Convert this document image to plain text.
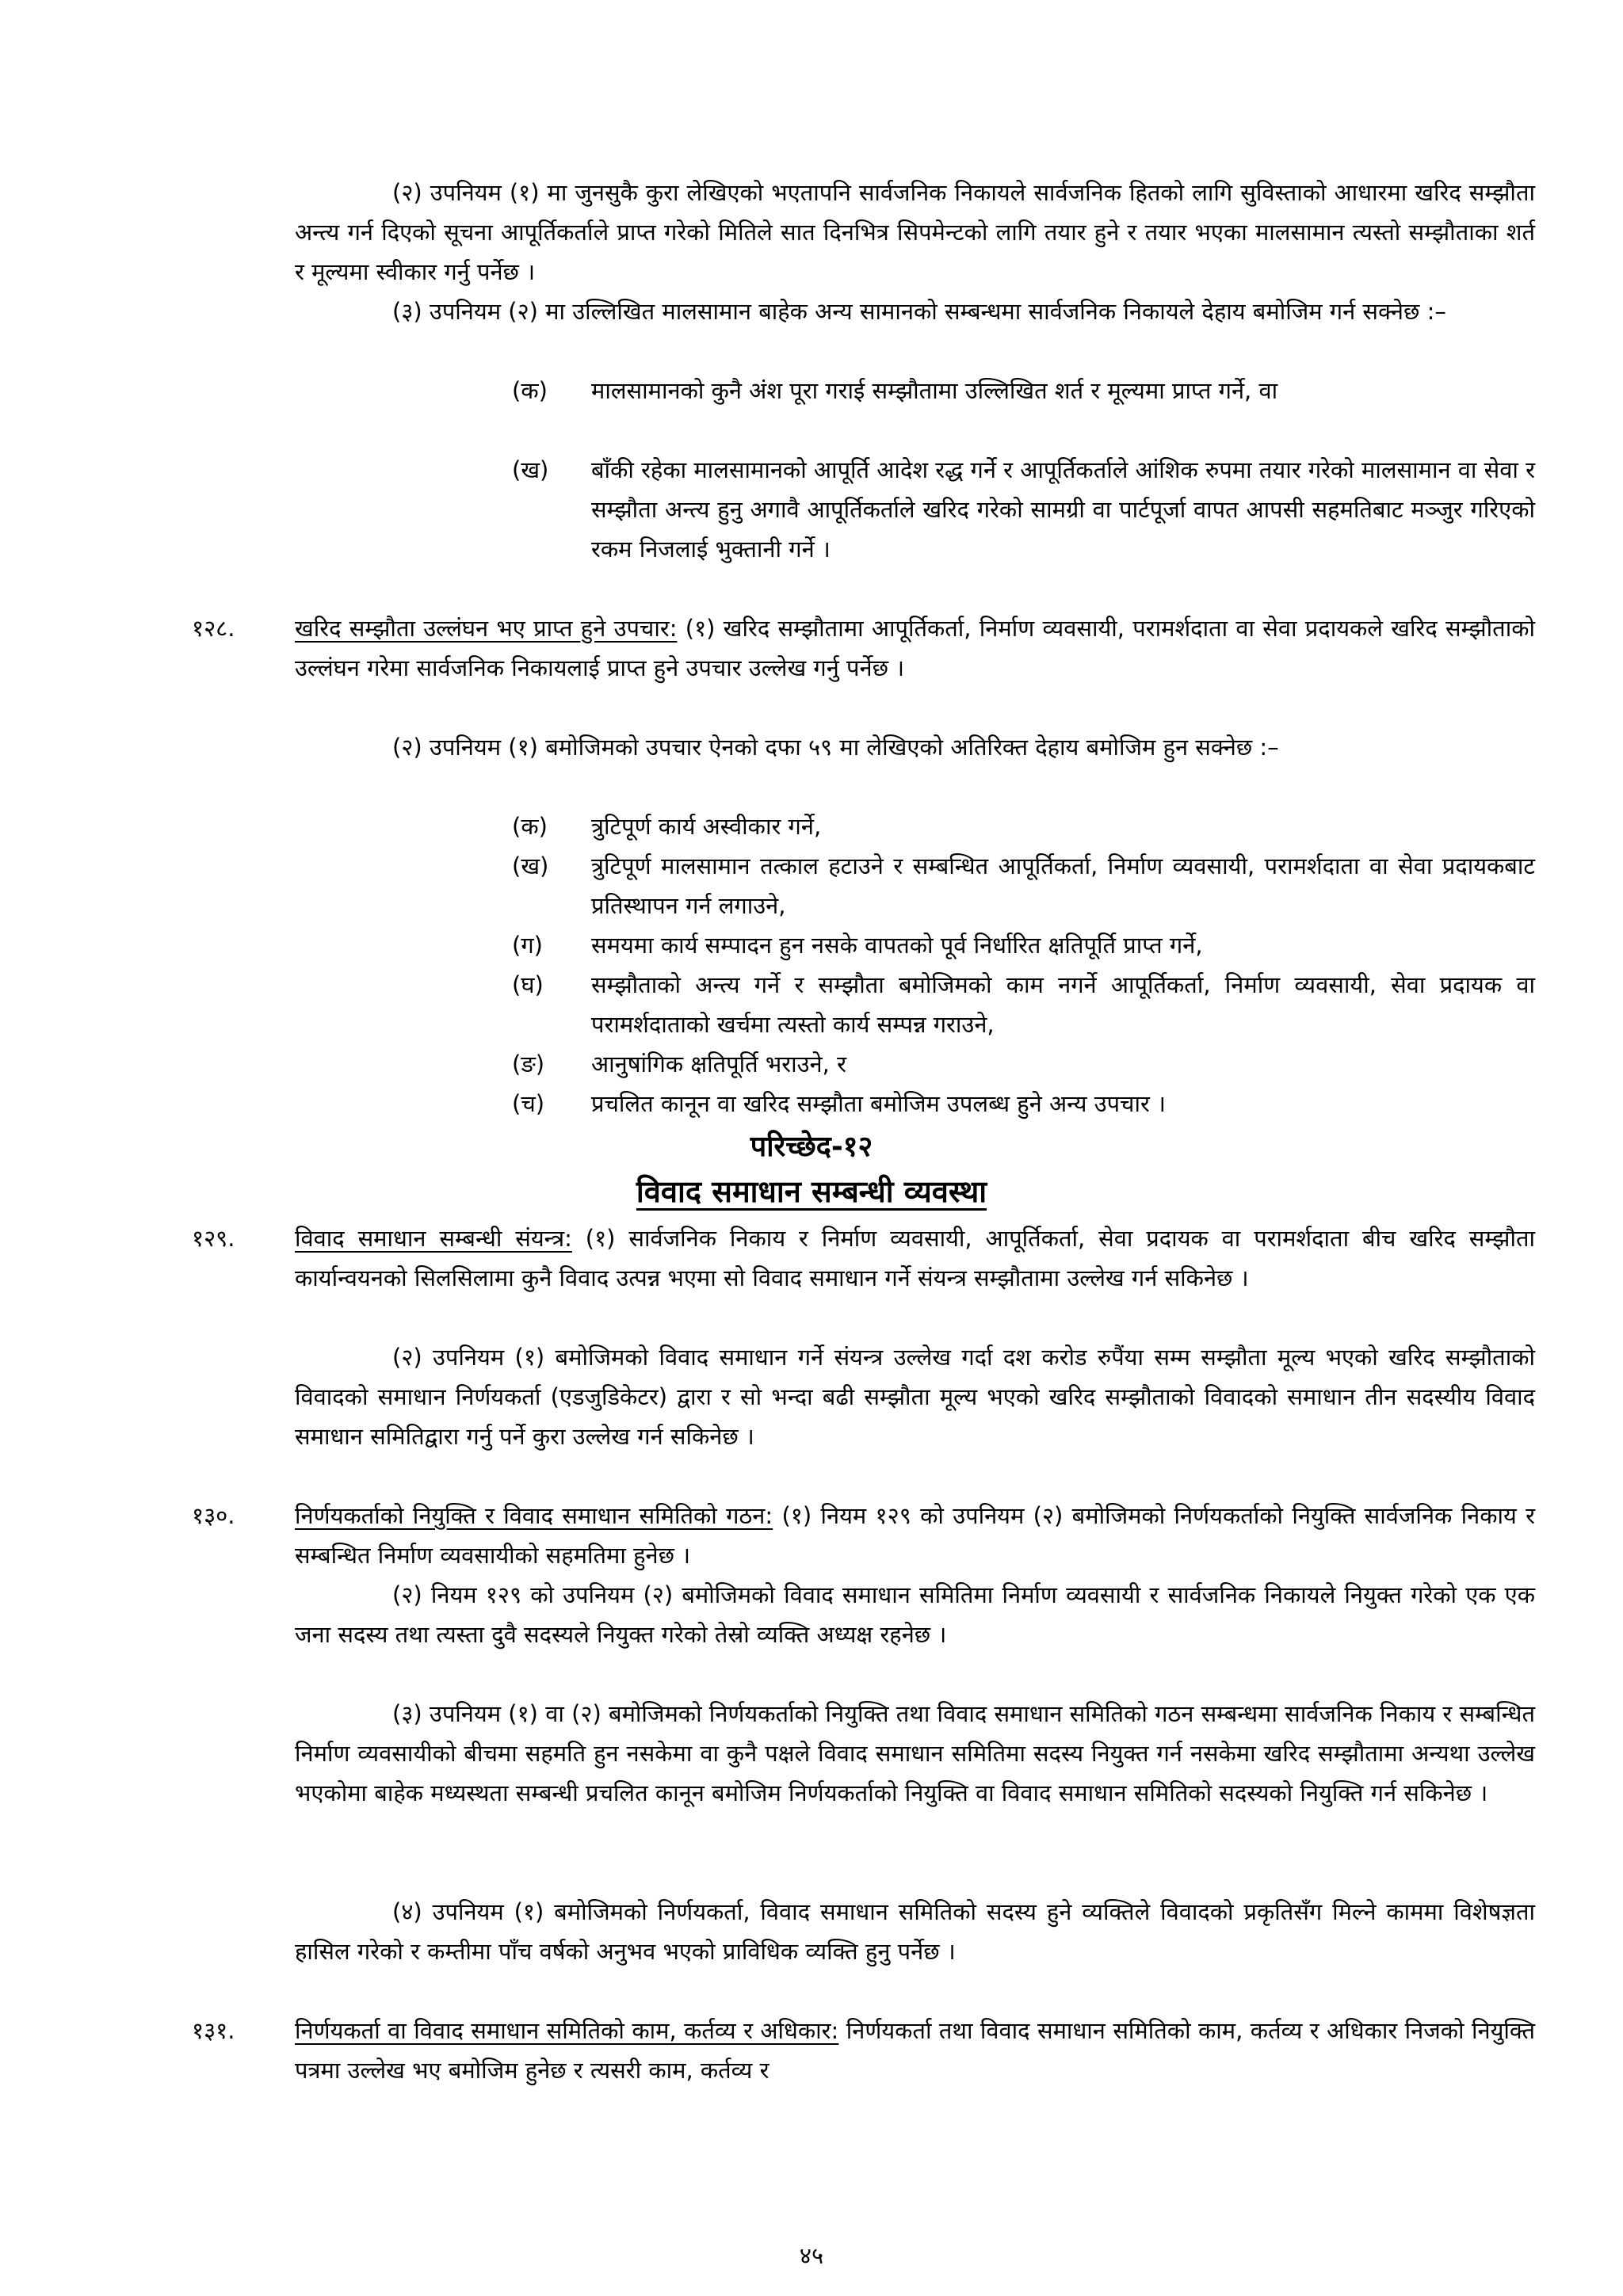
(२) उपनियम (१) मा जुनसुकै कुरा लेखिएको भएतापनि सार्वजनिक निकायले सार्वजनिक हितको लागि सुविस्ताको आधारमा खरिद सम्झौता अन्त्य गर्न दिएको सूचना आपूर्तिकर्ताले प्राप्त गरेको मितिले सात दिनभित्र सिपमेन्टको लागि तयार हुने र तयार भएका मालसामान त्यस्तो सम्झौताका शर्त र मूल्यमा स्वीकार गर्नु पर्नेछ ।

(३) उपनियम (२) मा उल्लिखित मालसामान बाहेक अन्य सामानको सम्बन्धमा सार्वजनिक निकायले देहाय बमोजिम गर्न सक्नेछ :–

(क) मालसामानको कुनै अंश पूरा गराई सम्झौतामा उल्लिखित शर्त र मूल्यमा प्राप्त गर्ने, वा
(ख) बाँकी रहेका मालसामानको आपूर्ति आदेश रद्ध गर्ने र आपूर्तिकर्ताले आंशिक रुपमा तयार गरेको मालसामान वा सेवा र सम्झौता अन्त्य हुनु अगावै आपूर्तिकर्ताले खरिद गरेको सामग्री वा पार्टपूर्जा वापत आपसी सहमतिबाट मञ्जुर गरिएको रकम निजलाई भुक्तानी गर्ने ।
१२८.	खरिद सम्झौता उल्लंघन भए प्राप्त हुने उपचार: (१) खरिद सम्झौतामा आपूर्तिकर्ता, निर्माण व्यवसायी, परामर्शदाता वा सेवा प्रदायकले खरिद सम्झौताको उल्लंघन गरेमा सार्वजनिक निकायलाई प्राप्त हुने उपचार उल्लेख गर्नु पर्नेछ ।

(२) उपनियम (१) बमोजिमको उपचार ऐनको दफा ५९ मा लेखिएको अतिरिक्त देहाय बमोजिम हुन सक्नेछ :–

(क) त्रुटिपूर्ण कार्य अस्वीकार गर्ने,
(ख) त्रुटिपूर्ण मालसामान तत्काल हटाउने र सम्बन्धित आपूर्तिकर्ता, निर्माण व्यवसायी, परामर्शदाता वा सेवा प्रदायकबाट प्रतिस्थापन गर्न लगाउने,
(ग) समयमा कार्य सम्पादन हुन नसके वापतको पूर्व निर्धारित क्षतिपूर्ति प्राप्त गर्ने,
(घ) सम्झौताको अन्त्य गर्ने र सम्झौता बमोजिमको काम नगर्ने आपूर्तिकर्ता, निर्माण व्यवसायी, सेवा प्रदायक वा परामर्शदाताको खर्चमा त्यस्तो कार्य सम्पन्न गराउने,
(ङ) आनुषांगिक क्षतिपूर्ति भराउने, र
(च) प्रचलित कानून वा खरिद सम्झौता बमोजिम उपलब्ध हुने अन्य उपचार ।
परिच्छेद-१२
विवाद समाधान सम्बन्धी व्यवस्था
१२९.	विवाद समाधान सम्बन्धी संयन्त्र: (१) सार्वजनिक निकाय र निर्माण व्यवसायी, आपूर्तिकर्ता, सेवा प्रदायक वा परामर्शदाता बीच खरिद सम्झौता कार्यान्वयनको सिलसिलामा कुनै विवाद उत्पन्न भएमा सो विवाद समाधान गर्ने संयन्त्र सम्झौतामा उल्लेख गर्न सकिनेछ ।

(२) उपनियम (१) बमोजिमको विवाद समाधान गर्ने संयन्त्र उल्लेख गर्दा दश करोड रुपैंया सम्म सम्झौता मूल्य भएको खरिद सम्झौताको विवादको समाधान निर्णयकर्ता (एडजुडिकेटर) द्वारा र सो भन्दा बढी सम्झौता मूल्य भएको खरिद सम्झौताको विवादको समाधान तीन सदस्यीय विवाद समाधान समितिद्वारा गर्नु पर्ने कुरा उल्लेख गर्न सकिनेछ ।

१३०.	निर्णयकर्ताको नियुक्ति र विवाद समाधान समितिको गठन: (१) नियम १२९ को उपनियम (२) बमोजिमको निर्णयकर्ताको नियुक्ति सार्वजनिक निकाय र सम्बन्धित निर्माण व्यवसायीको सहमतिमा हुनेछ ।

(२) नियम १२९ को उपनियम (२) बमोजिमको विवाद समाधान समितिमा निर्माण व्यवसायी र सार्वजनिक निकायले नियुक्त गरेको एक एक जना सदस्य तथा त्यस्ता दुवै सदस्यले नियुक्त गरेको तेस्रो व्यक्ति अध्यक्ष रहनेछ ।

(३) उपनियम (१) वा (२) बमोजिमको निर्णयकर्ताको नियुक्ति तथा विवाद समाधान समितिको गठन सम्बन्धमा सार्वजनिक निकाय र सम्बन्धित निर्माण व्यवसायीको बीचमा सहमति हुन नसकेमा वा कुनै पक्षले विवाद समाधान समितिमा सदस्य नियुक्त गर्न नसकेमा खरिद सम्झौतामा अन्यथा उल्लेख भएकोमा बाहेक मध्यस्थता सम्बन्धी प्रचलित कानून बमोजिम निर्णयकर्ताको नियुक्ति वा विवाद समाधान समितिको सदस्यको नियुक्ति गर्न सकिनेछ ।

(४) उपनियम (१) बमोजिमको निर्णयकर्ता, विवाद समाधान समितिको सदस्य हुने व्यक्तिले विवादको प्रकृतिसँग मिल्ने काममा विशेषज्ञता हासिल गरेको र कम्तीमा पाँच वर्षको अनुभव भएको प्राविधिक व्यक्ति हुनु पर्नेछ ।

१३१.	निर्णयकर्ता वा विवाद समाधान समितिको काम, कर्तव्य र अधिकार: निर्णयकर्ता तथा विवाद समाधान समितिको काम, कर्तव्य र अधिकार निजको नियुक्ति पत्रमा उल्लेख भए बमोजिम हुनेछ र त्यसरी काम, कर्तव्य र

४५
